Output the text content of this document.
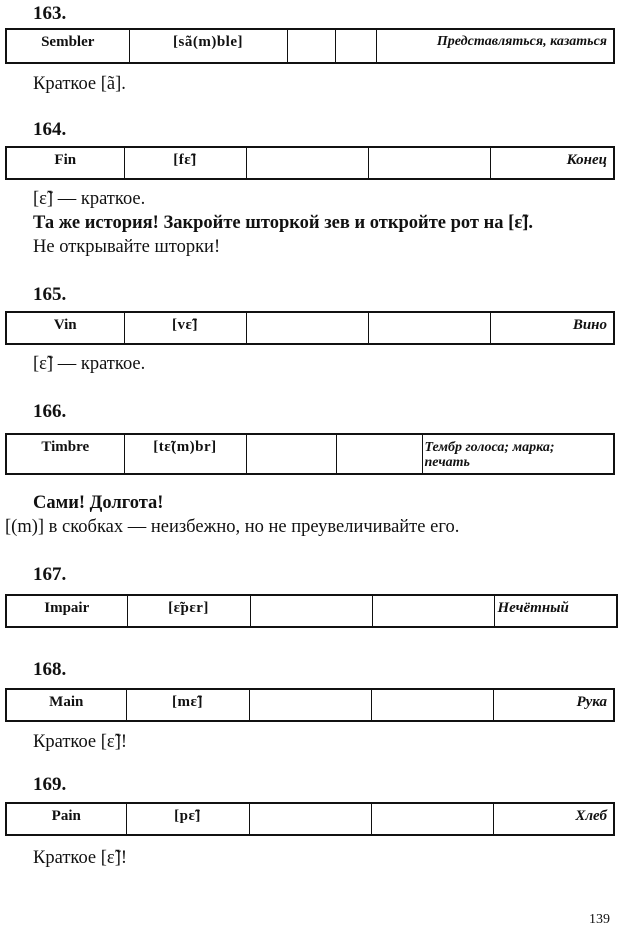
163.
Sembler	[sã(m)ble]			Представляться, казаться
Краткое [ã].
164.
Fin	[fɛ̃]			Конец
[ɛ̃] — краткое.
Та же история! Закройте шторкой зев и откройте рот на [ɛ̃].
Не открывайте шторки!
165.
Vin	[vɛ̃]			Вино
[ɛ̃] — краткое.
166.
Timbre	[tɛ̃(m)br]			Тембр голоса; марка;
печать
Сами! Долгота!
[(m)] в скобках — неизбежно, но не преувеличивайте его.
167.
Impair	[ɛ̃pɛr]			Нечётный
168.
Main	[mɛ̃]			Рука
Краткое [ɛ̃]!
169.
Pain	[pɛ̃]			Хлеб
Краткое [ɛ̃]!
139
